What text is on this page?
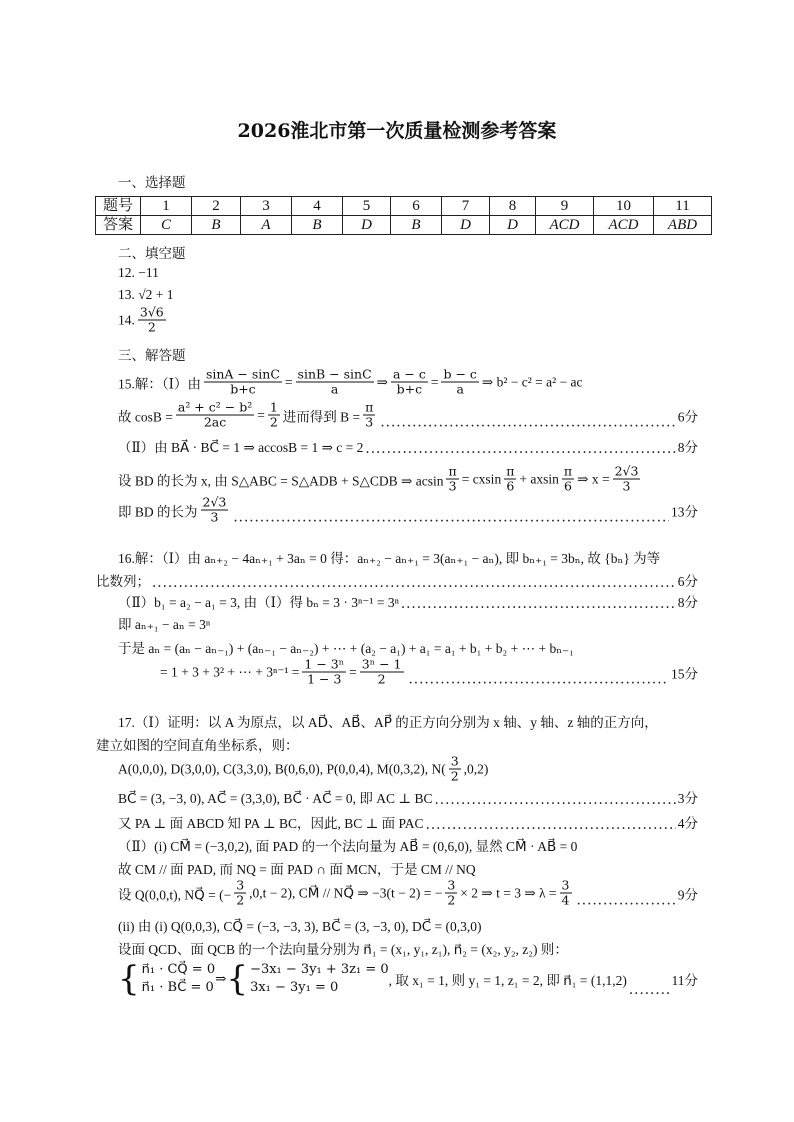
2026淮北市第一次质量检测参考答案
一、选择题
题号	1	2	3	4	5	6	7	8	9	10	11
答案	C	B	A	B	D	B	D	D	ACD	ACD	ABD
二、填空题
三、解答题
12. −11
13. √2 + 1
14. $\frac{3√6}{2}$
15.解：（Ⅰ）由 $\frac{\sin A - \sin C}{b+c} = \frac{\sin B - \sin C}{a}$ ⇒ $\frac{a - c}{b+c} = \frac{b - c}{a}$ ⇒ b² − c² = a² − ac
故 $\cos B = \frac{\text{a² + c² − b²}}{2ac} = \frac{1}{2}$ 进而得到 $B = \frac{\pi}{3}$ .....	6分
（Ⅱ）由 BA⃗ · BC⃗ = 1 ⇒ accosB = 1 ⇒ c = 2 .....	8分
设 BD 的长为 x, 由 S△ABC = S△ADB + S△CDB ⇒ acsin $\frac{\pi}{3} = cxsin \frac{\pi}{6} + axsin \frac{\pi}{6}$ ⇒ $x = \frac{2√3}{3}$
即 BD 的长为 $\frac{2√3}{3}$ .....	13分
16.解：（Ⅰ）由 aₙ₊₂ − 4aₙ₊₁ + 3aₙ = 0 得：aₙ₊₂ − aₙ₊₁ = 3(aₙ₊₁ − aₙ), 即 bₙ₊₁ = 3bₙ, 故 {bₙ} 为等
比数列； .....	6分
（Ⅱ）b₁ = a₂ − a₁ = 3, 由（Ⅰ）得 bₙ = 3 · 3ⁿ⁻¹ = 3ⁿ .....	8分
即 aₙ₊₁ − aₙ = 3ⁿ
于是 aₙ = (aₙ − aₙ₋₁) + (aₙ₋₁ − aₙ₋₂) + ⋯ + (a₂ − a₁) + a₁ = a₁ + b₁ + b₂ + ⋯ + bₙ₋₁
= 1 + 3 + 3² + ⋯ + $3^{n-1} = \frac{\text{1 − 3ⁿ}}{1 - 3} = \frac{\text{3ⁿ − 1}}{2}$ .....	15分
17.（Ⅰ）证明：以 A 为原点，以 AD⃗、AB⃗、AP⃗ 的正方向分别为 x 轴、y 轴、z 轴的正方向，
建立如图的空间直角坐标系，则：
A(0,0,0), D(3,0,0), C(3,3,0), B(0,6,0), P(0,0,4), M(0,3,2), $N( \frac{3}{2} ,0,2)$
BC⃗ = (3, −3, 0), AC⃗ = (3,3,0), BC⃗ · AC⃗ = 0, 即 AC ⊥ BC .....	3分
又 PA ⊥ 面 ABCD 知 PA ⊥ BC，因此, BC ⊥ 面 PAC .....	4分
（Ⅱ）(i) CM⃗ = (−3,0,2), 面 PAD 的一个法向量为 AB⃗ = (0,6,0), 显然 CM⃗ · AB⃗ = 0
故 CM // 面 PAD, 而 NQ = 面 PAD ∩ 面 MCN，于是 CM // NQ
设 Q(0,0,t), NQ⃗ = (− $\frac{3}{2} ,0,t - 2$), CM⃗ // NQ⃗ ⇒ −3(t − 2) = − $\frac{3}{2} \times 2$ ⇒ t = 3 ⇒ $\lambda = \frac{3}{4}$ .....	9分
(ii) 由 (i) Q(0,0,3), CQ⃗ = (−3, −3, 3), BC⃗ = (3, −3, 0), DC⃗ = (0,3,0)
设面 QCD、面 QCB 的一个法向量分别为 n⃗₁ = (x₁, y₁, z₁), n⃗₂ = (x₂, y₂, z₂) 则：
{ n⃗₁ · CQ⃗ = 0
n⃗₁ · BC⃗ = 0
⇒ { −3x₁ − 3y₁ + 3z₁ = 0
3x₁ − 3y₁ = 0	, 取 x₁ = 1, 则 y₁ = 1, z₁ = 2, 即 n⃗₁ = (1,1,2)
.....	11分
